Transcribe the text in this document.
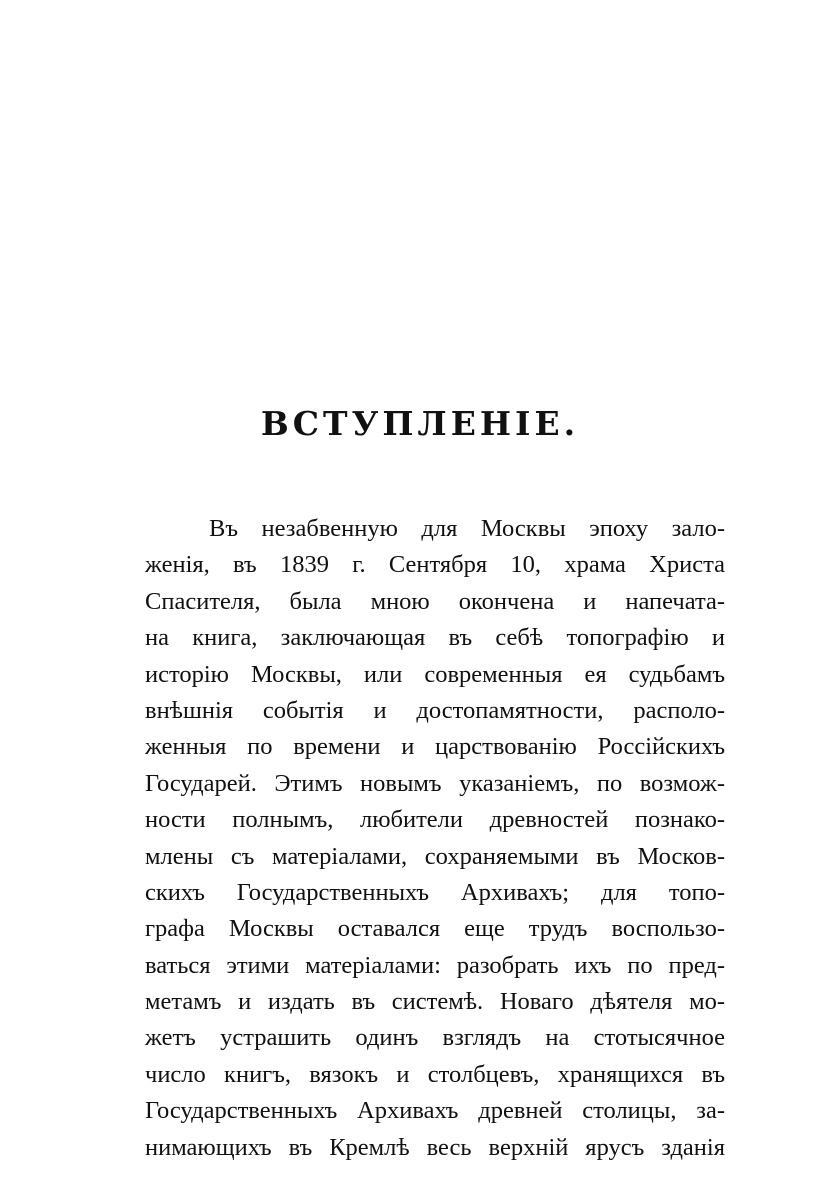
ВСТУПЛЕНІЕ.
Въ незабвенную для Москвы эпоху зало-
женія, въ 1839 г. Сентября 10, храма Христа
Спасителя, была мною окончена и напечата-
на книга, заключающая въ себѣ топографію и
исторію Москвы, или современныя ея судьбамъ
внѣшнія событія и достопамятности, располо-
женныя по времени и царствованію Россійскихъ
Государей. Этимъ новымъ указаніемъ, по возмож-
ности полнымъ, любители древностей познако-
млены съ матеріалами, сохраняемыми въ Москов-
скихъ Государственныхъ Архивахъ; для топо-
графа Москвы оставался еще трудъ воспользо-
ваться этими матеріалами: разобрать ихъ по пред-
метамъ и издать въ системѣ. Новаго дѣятеля мо-
жетъ устрашить одинъ взглядъ на стотысячное
число книгъ, вязокъ и столбцевъ, хранящихся въ
Государственныхъ Архивахъ древней столицы, за-
нимающихъ въ Кремлѣ весь верхній ярусъ зданія
